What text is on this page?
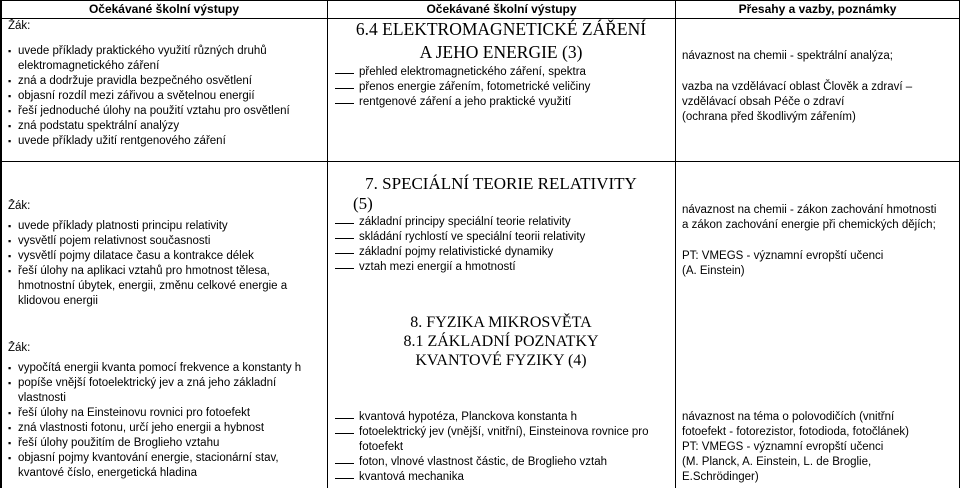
Očekávané školní výstupy	Očekávané školní výstupy	Přesahy a vazby, poznámky
Žák:
▪ uvede příklady praktického využití různých druhů elektromagnetického záření
▪ zná a dodržuje pravidla bezpečného osvětlení
▪ objasní rozdíl mezi zářivou a světelnou energií
▪ řeší jednoduché úlohy na použití vztahu pro osvětlení
▪ zná podstatu spektrální analýzy
▪ uvede příklady užití rentgenového záření
6.4 ELEKTROMAGNETICKÉ ZÁŘENÍ
A JEHO ENERGIE (3)
přehled elektromagnetického záření, spektra
přenos energie zářením, fotometrické veličiny
rentgenové záření a jeho praktické využití
návaznost na chemii - spektrální analýza;
vazba na vzdělávací oblast Člověk a zdraví –
vzdělávací obsah Péče o zdraví
(ochrana před škodlivým zářením)
Žák:
▪ uvede příklady platnosti principu relativity
▪ vysvětlí pojem relativnost současnosti
▪ vysvětlí pojmy dilatace času a kontrakce délek
▪ řeší úlohy na aplikaci vztahů pro hmotnost tělesa, hmotnostní úbytek, energii, změnu celkové energie a klidovou energii
7. SPECIÁLNÍ TEORIE RELATIVITY
(5)
základní principy speciální teorie relativity
skládání rychlostí ve speciální teorii relativity
základní pojmy relativistické dynamiky
vztah mezi energií a hmotností
návaznost na chemii - zákon zachování hmotnosti
a zákon zachování energie při chemických dějích;
PT: VMEGS - významní evropští učenci
(A. Einstein)
Žák:
▪ vypočítá energii kvanta pomocí frekvence a konstanty h
▪ popíše vnější fotoelektrický jev a zná jeho základní vlastnosti
▪ řeší úlohy na Einsteinovu rovnici pro fotoefekt
▪ zná vlastnosti fotonu, určí jeho energii a hybnost
▪ řeší úlohy použitím de Broglieho vztahu
▪ objasní pojmy kvantování energie, stacionární stav, kvantové číslo, energetická hladina
8. FYZIKA MIKROSVĚTA
8.1 ZÁKLADNÍ POZNATKY
KVANTOVÉ FYZIKY (4)
kvantová hypotéza, Planckova konstanta h
fotoelektrický jev (vnější, vnitřní), Einsteinova rovnice pro fotoefekt
foton, vlnové vlastnost částic, de Broglieho vztah
kvantová mechanika
návaznost na téma o polovodičích (vnitřní
fotoefekt - fotorezistor, fotodioda, fotočlánek)
PT: VMEGS - významní evropští učenci
(M. Planck, A. Einstein, L. de Broglie,
E.Schrödinger)
